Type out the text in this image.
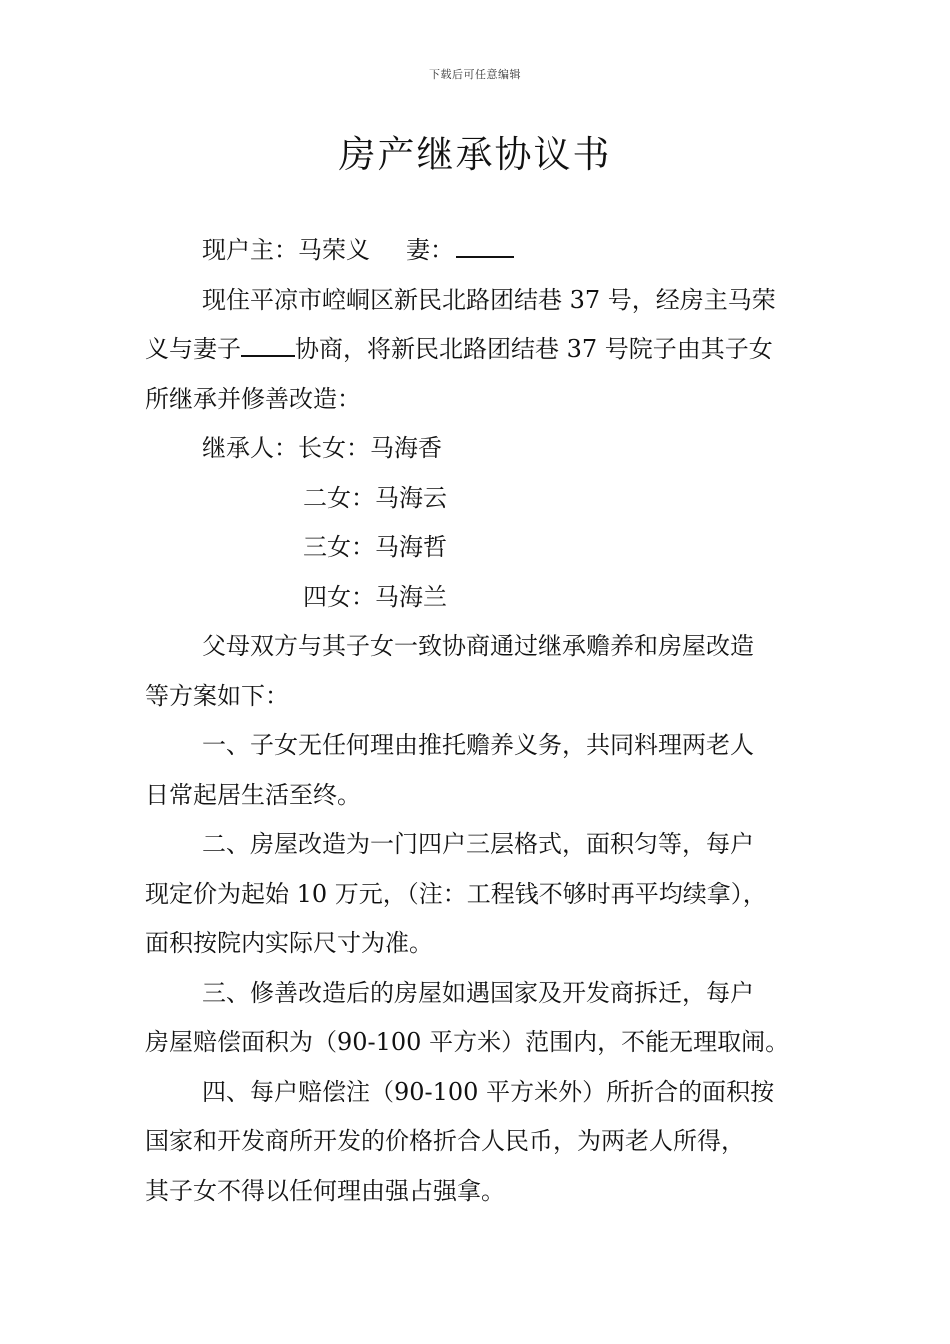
下载后可任意编辑
房产继承协议书
现户主：马荣义 妻：
现住平凉市崆峒区新民北路团结巷 37 号，经房主马荣
义与妻子 协商，将新民北路团结巷 37 号院子由其子女
所继承并修善改造：
继承人：长女：马海香
二女：马海云
三女：马海哲
四女：马海兰
父母双方与其子女一致协商通过继承赡养和房屋改造
等方案如下：
一、子女无任何理由推托赡养义务，共同料理两老人
日常起居生活至终。
二、房屋改造为一门四户三层格式，面积匀等，每户
现定价为起始 10 万元，（注：工程钱不够时再平均续拿），
面积按院内实际尺寸为准。
三、修善改造后的房屋如遇国家及开发商拆迁，每户
房屋赔偿面积为（90-100 平方米）范围内，不能无理取闹。
四、每户赔偿注（90-100 平方米外）所折合的面积按
国家和开发商所开发的价格折合人民币，为两老人所得，
其子女不得以任何理由强占强拿。
